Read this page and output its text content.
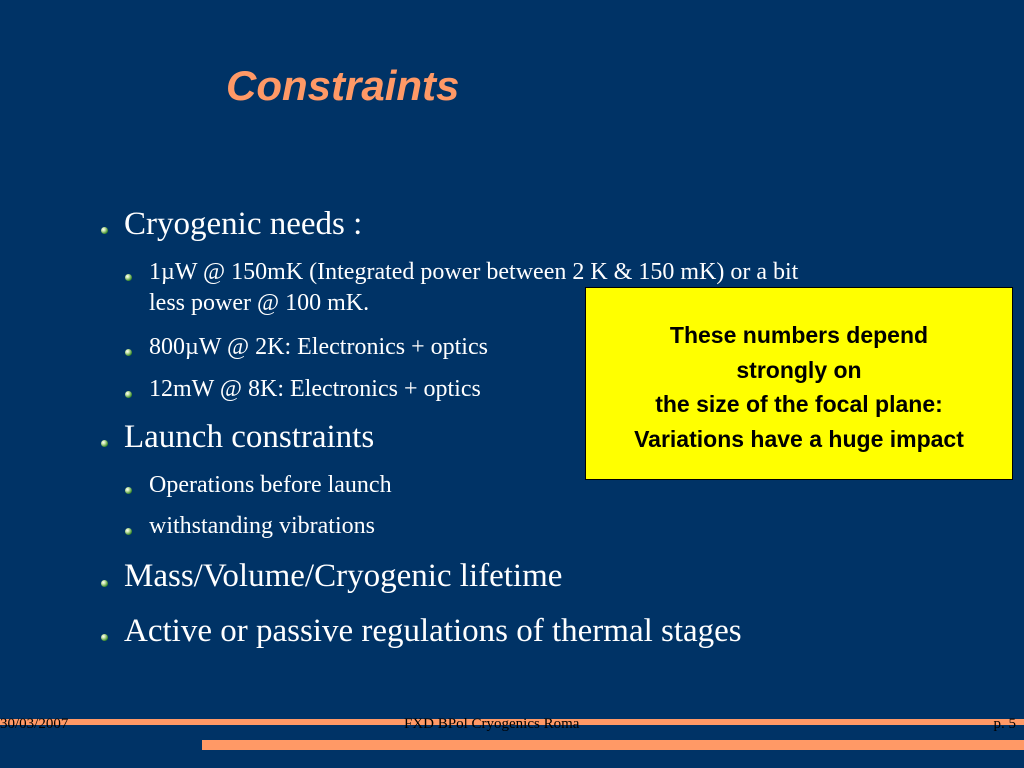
Constraints
Cryogenic needs :
1µW @ 150mK (Integrated power between 2 K & 150 mK) or a bit
less power @ 100 mK.
800µW @ 2K: Electronics + optics
12mW @ 8K: Electronics + optics
Launch constraints
Operations before launch
withstanding vibrations
Mass/Volume/Cryogenic lifetime
Active or passive regulations of thermal stages
These numbers depend
strongly on
the size of the focal plane:
Variations have a huge impact
30/03/2007	FXD BPol Cryogenics Roma	p. 5
